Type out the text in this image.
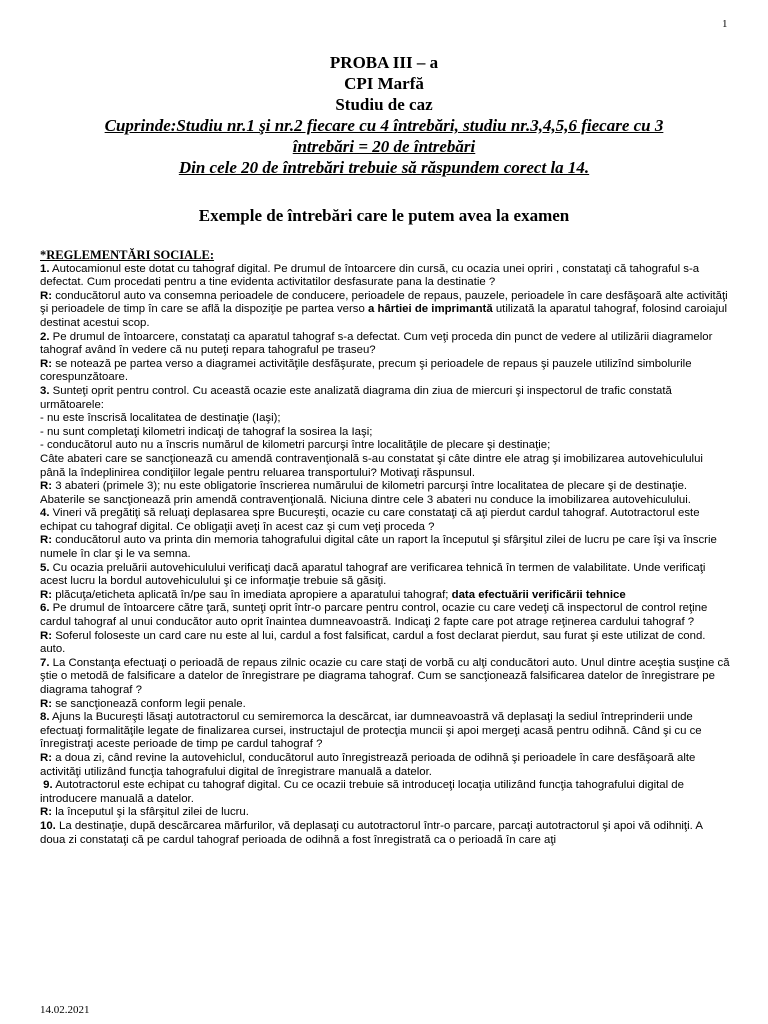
1
PROBA III – a
CPI Marfă
Studiu de caz
Cuprinde:Studiu nr.1 şi nr.2 fiecare cu 4 întrebări, studiu nr.3,4,5,6 fiecare cu 3
întrebări = 20 de întrebări
Din cele 20 de întrebări trebuie să răspundem corect la 14.
Exemple de întrebări care le putem avea la examen

*REGLEMENTĂRI SOCIALE:

1. Autocamionul este dotat cu tahograf digital. Pe drumul de întoarcere din cursă, cu ocazia unei opriri , constataţi că tahograful s-a defectat. Cum procedati pentru a tine evidenta activitatilor desfasurate pana la destinatie ?

R: conducătorul auto va consemna perioadele de conducere, perioadele de repaus, pauzele, perioadele în care desfăşoară alte activităţi şi perioadele de timp în care se află la dispoziţie pe partea verso a hârtiei de imprimantă utilizată la aparatul tahograf, folosind caroiajul destinat acestui scop.

2. Pe drumul de întoarcere, constataţi ca aparatul tahograf s-a defectat. Cum veţi proceda din punct de vedere al utilizării diagramelor tahograf având în vedere că nu puteţi repara tahograful pe traseu?

R: se notează pe partea verso a diagramei activităţile desfăşurate, precum şi perioadele de repaus şi pauzele utilizînd simbolurile corespunzătoare.

3. Sunteţi oprit pentru control. Cu această ocazie este analizată diagrama din ziua de miercuri şi inspectorul de trafic constată următoarele:

- nu este înscrisă localitatea de destinaţie (Iaşi);

- nu sunt completaţi kilometri indicaţi de tahograf la sosirea la Iaşi;

- conducătorul auto nu a înscris numărul de kilometri parcurşi între localităţile de plecare şi destinaţie;

Câte abateri care se sancţionează cu amendă contravenţională s-au constatat şi câte dintre ele atrag şi imobilizarea autovehiculului până la îndeplinirea condiţiilor legale pentru reluarea transportului? Motivaţi răspunsul.

R: 3 abateri (primele 3); nu este obligatorie înscrierea numărului de kilometri parcurşi între localitatea de plecare şi de destinaţie. Abaterile se sancţionează prin amendă contravenţională. Niciuna dintre cele 3 abateri nu conduce la imobilizarea autovehiculului.

4. Vineri vă pregătiţi să reluaţi deplasarea spre Bucureşti, ocazie cu care constataţi că aţi pierdut cardul tahograf. Autotractorul este echipat cu tahograf digital. Ce obligaţii aveţi în acest caz şi cum veţi proceda ?

R: conducătorul auto va printa din memoria tahografului digital câte un raport la începutul şi sfârşitul zilei de lucru pe care îşi va înscrie numele în clar şi le va semna.

5. Cu ocazia preluării autovehiculului verificaţi dacă aparatul tahograf are verificarea tehnică în termen de valabilitate. Unde verificaţi acest lucru la bordul autovehiculului şi ce informaţie trebuie să găsiţi.

R: plăcuţa/eticheta aplicată în/pe sau în imediata apropiere a aparatului tahograf; data efectuării verificării tehnice

6. Pe drumul de întoarcere către ţară, sunteţi oprit într-o parcare pentru control, ocazie cu care vedeţi că inspectorul de control reţine cardul tahograf al unui conducător auto oprit înaintea dumneavoastră. Indicaţi 2 fapte care pot atrage reţinerea cardului tahograf ?

R: Soferul foloseste un card care nu este al lui, cardul a fost falsificat, cardul a fost declarat pierdut, sau furat şi este utilizat de cond. auto.

7. La Constanţa efectuaţi o perioadă de repaus zilnic ocazie cu care staţi de vorbă cu alţi conducători auto. Unul dintre aceştia susţine că ştie o metodă de falsificare a datelor de înregistrare pe diagrama tahograf. Cum se sancţionează falsificarea datelor de înregistrare pe diagrama tahograf ?

R: se sancţionează conform legii penale.

8. Ajuns la Bucureşti lăsaţi autotractorul cu semiremorca la descărcat, iar dumneavoastră vă deplasaţi la sediul întreprinderii unde efectuaţi formalităţile legate de finalizarea cursei, instructajul de protecţia muncii şi apoi mergeţi acasă pentru odihnă. Când şi cu ce înregistraţi aceste perioade de timp pe cardul tahograf ?

R: a doua zi, când revine la autovehiclul, conducătorul auto înregistrează perioada de odihnă şi perioadele în care desfăşoară alte activităţi utilizând funcţia tahografului digital de înregistrare manuală a datelor.

9. Autotractorul este echipat cu tahograf digital. Cu ce ocazii trebuie să introduceţi locaţia utilizând funcţia tahografului digital de introducere manuală a datelor.

R: la începutul şi la sfârşitul zilei de lucru.

10. La destinaţie, după descărcarea mărfurilor, vă deplasaţi cu autotractorul într-o parcare, parcaţi autotractorul şi apoi vă odihniţi. A doua zi constataţi că pe cardul tahograf perioada de odihnă a fost înregistrată ca o perioadă în care aţi

14.02.2021
